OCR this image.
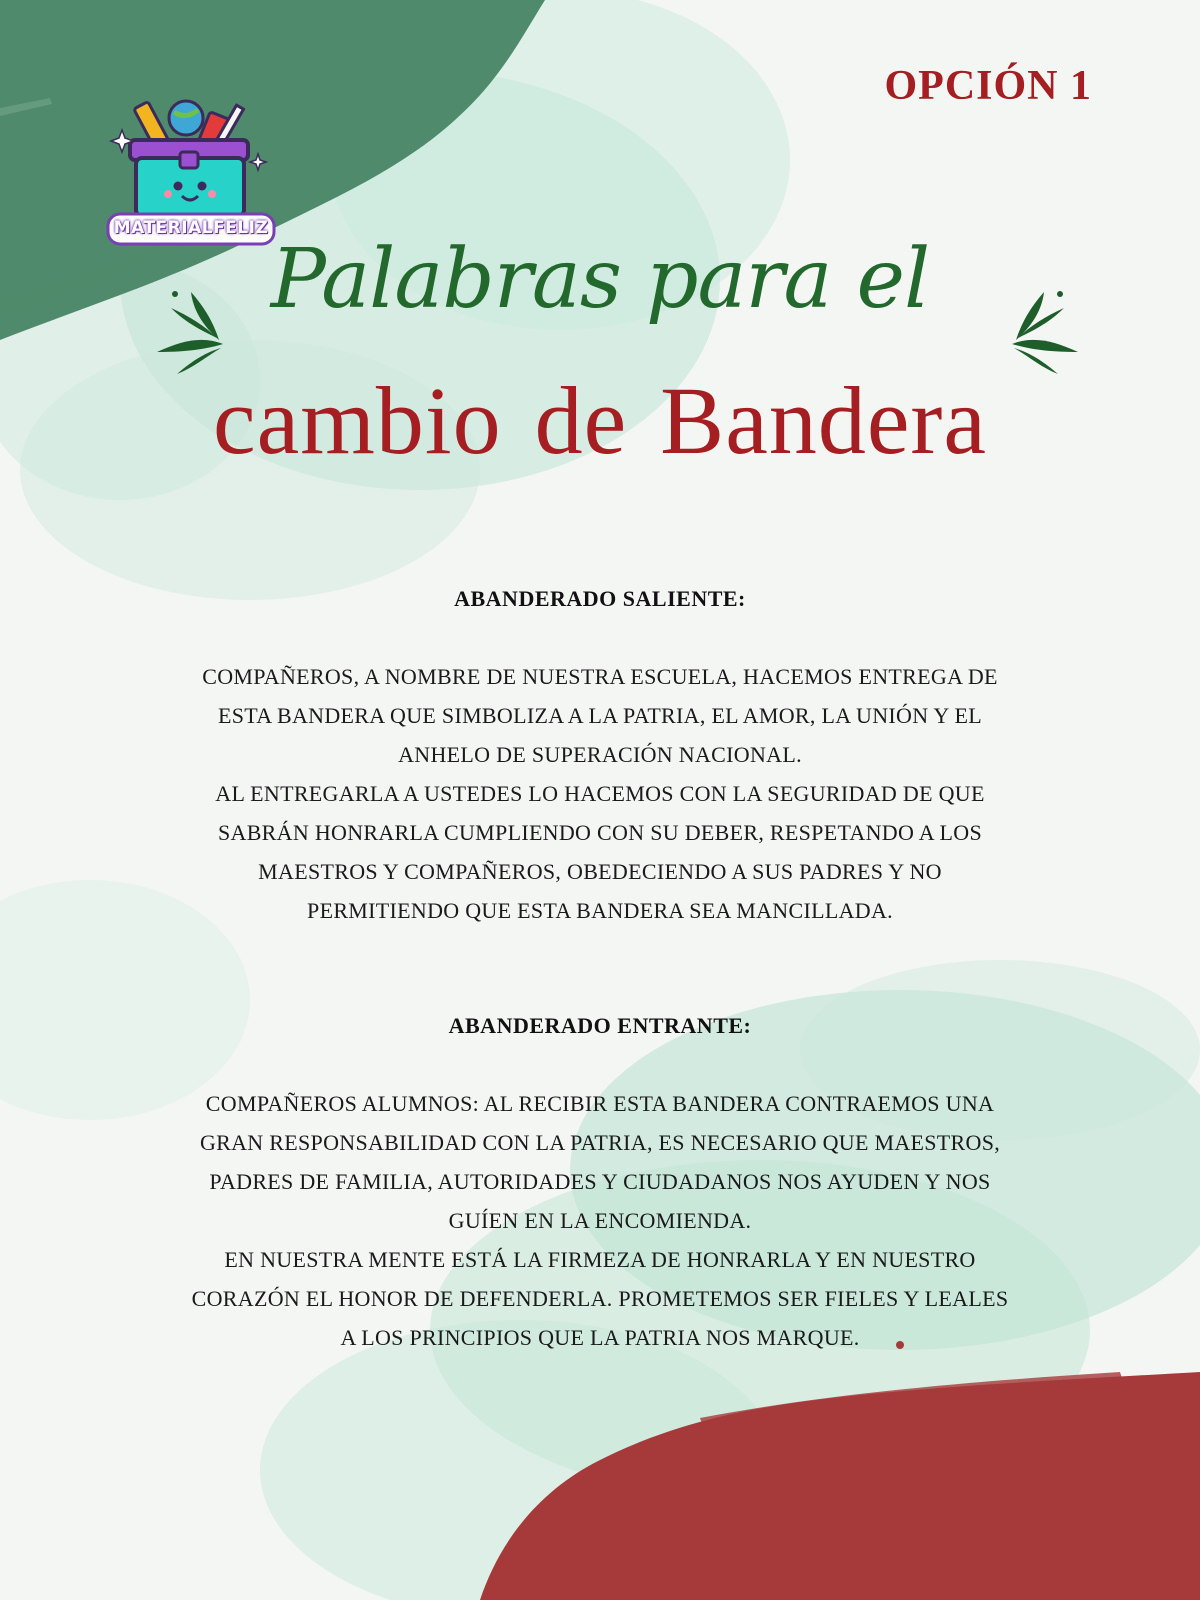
MATERIALFELIZ
OPCIÓN 1
Palabras para el
cambio de Bandera
ABANDERADO SALIENTE:
COMPAÑEROS, A NOMBRE DE NUESTRA ESCUELA, HACEMOS ENTREGA DE
ESTA BANDERA QUE SIMBOLIZA A LA PATRIA, EL AMOR, LA UNIÓN Y EL
ANHELO DE SUPERACIÓN NACIONAL.
AL ENTREGARLA A USTEDES LO HACEMOS CON LA SEGURIDAD DE QUE
SABRÁN HONRARLA CUMPLIENDO CON SU DEBER, RESPETANDO A LOS
MAESTROS Y COMPAÑEROS, OBEDECIENDO A SUS PADRES Y NO
PERMITIENDO QUE ESTA BANDERA SEA MANCILLADA.
ABANDERADO ENTRANTE:
COMPAÑEROS ALUMNOS: AL RECIBIR ESTA BANDERA CONTRAEMOS UNA
GRAN RESPONSABILIDAD CON LA PATRIA, ES NECESARIO QUE MAESTROS,
PADRES DE FAMILIA, AUTORIDADES Y CIUDADANOS NOS AYUDEN Y NOS
GUÍEN EN LA ENCOMIENDA.
EN NUESTRA MENTE ESTÁ LA FIRMEZA DE HONRARLA Y EN NUESTRO
CORAZÓN EL HONOR DE DEFENDERLA. PROMETEMOS SER FIELES Y LEALES
A LOS PRINCIPIOS QUE LA PATRIA NOS MARQUE.
